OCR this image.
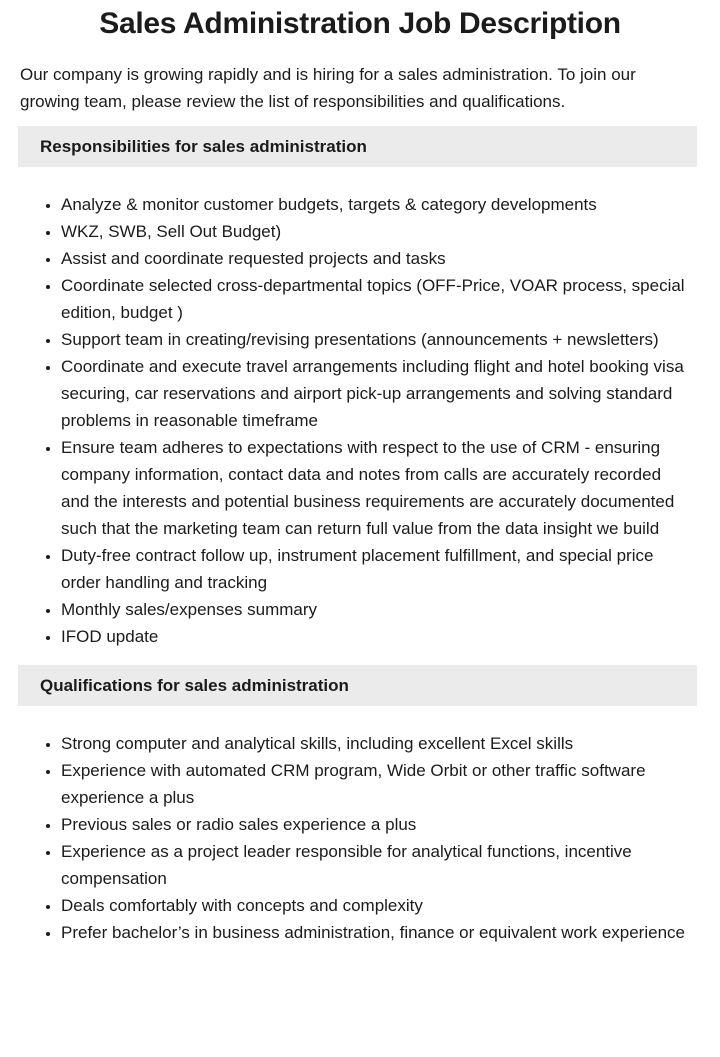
Sales Administration Job Description

Our company is growing rapidly and is hiring for a sales administration. To join our growing team, please review the list of responsibilities and qualifications.

Responsibilities for sales administration
• Analyze & monitor customer budgets, targets & category developments
• WKZ, SWB, Sell Out Budget)
• Assist and coordinate requested projects and tasks
• Coordinate selected cross-departmental topics (OFF-Price, VOAR process, special edition, budget )
• Support team in creating/revising presentations (announcements + newsletters)
• Coordinate and execute travel arrangements including flight and hotel booking visa securing, car reservations and airport pick-up arrangements and solving standard problems in reasonable timeframe
• Ensure team adheres to expectations with respect to the use of CRM - ensuring company information, contact data and notes from calls are accurately recorded and the interests and potential business requirements are accurately documented such that the marketing team can return full value from the data insight we build
• Duty-free contract follow up, instrument placement fulfillment, and special price order handling and tracking
• Monthly sales/expenses summary
• IFOD update
Qualifications for sales administration
• Strong computer and analytical skills, including excellent Excel skills
• Experience with automated CRM program, Wide Orbit or other traffic software experience a plus
• Previous sales or radio sales experience a plus
• Experience as a project leader responsible for analytical functions, incentive compensation
• Deals comfortably with concepts and complexity
• Prefer bachelor’s in business administration, finance or equivalent work experience
